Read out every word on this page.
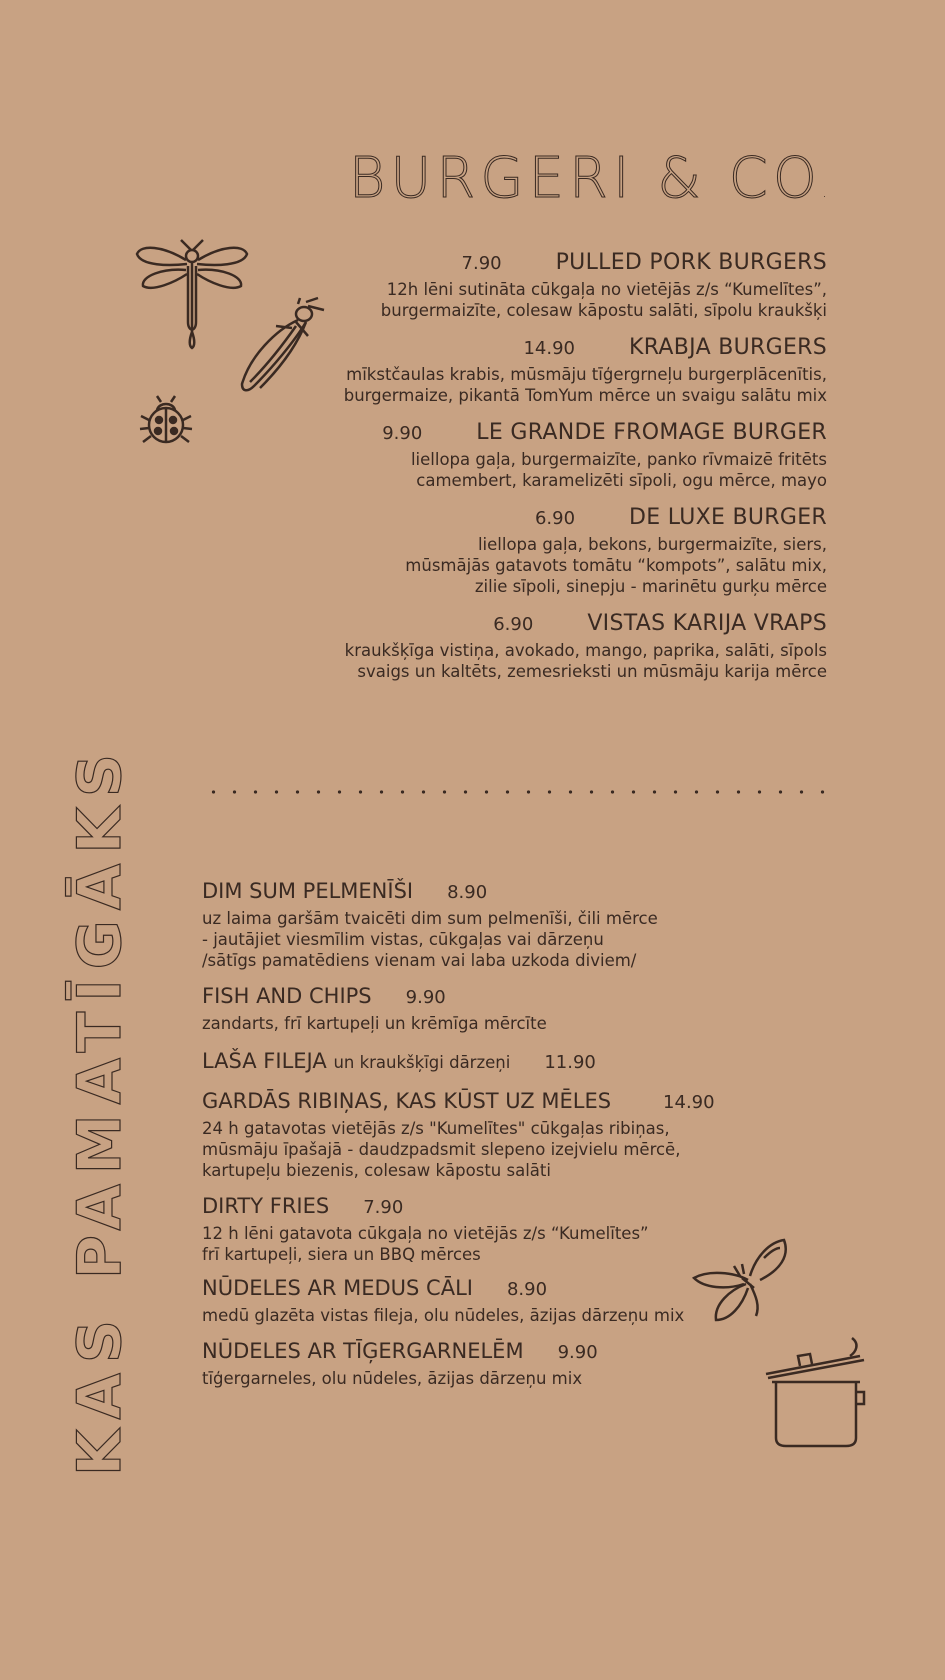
BURGERI & CO.
7.90 PULLED PORK BURGERS
12h lēni sutināta cūkgaļa no vietējās z/s “Kumelītes”,
burgermaizīte, colesaw kāpostu salāti, sīpolu kraukšķi
14.90 KRABJA BURGERS
mīkstčaulas krabis, mūsmāju tīģergrneļu burgerplācenītis,
burgermaize, pikantā TomYum mērce un svaigu salātu mix
9.90 LE GRANDE FROMAGE BURGER
liellopa gaļa, burgermaizīte, panko rīvmaizē fritēts
camembert, karamelizēti sīpoli, ogu mērce, mayo
6.90 DE LUXE BURGER
liellopa gaļa, bekons, burgermaizīte, siers,
mūsmājās gatavots tomātu “kompots”, salātu mix,
zilie sīpoli, sinepju - marinētu gurķu mērce
6.90 VISTAS KARIJA VRAPS
kraukšķīga vistiņa, avokado, mango, paprika, salāti, sīpols
svaigs un kaltēts, zemesrieksti un mūsmāju karija mērce
KAS PAMATĪGĀKS	DIM SUM PELMENĪŠI 8.90
uz laima garšām tvaicēti dim sum pelmenīši, čili mērce
- jautājiet viesmīlim vistas, cūkgaļas vai dārzeņu
/sātīgs pamatēdiens vienam vai laba uzkoda diviem/
FISH AND CHIPS 9.90
zandarts, frī kartupeļi un krēmīga mērcīte
LAŠA FILEJA un kraukšķīgi dārzeņi 11.90
GARDĀS RIBIŅAS, KAS KŪST UZ MĒLES	14.90
24 h gatavotas vietējās z/s "Kumelītes" cūkgaļas ribiņas,
mūsmāju īpašajā - daudzpadsmit slepeno izejvielu mērcē,
kartupeļu biezenis, colesaw kāpostu salāti
DIRTY FRIES 7.90
12 h lēni gatavota cūkgaļa no vietējās z/s “Kumelītes”
frī kartupeļi, siera un BBQ mērces
NŪDELES AR MEDUS CĀLI 8.90
medū glazēta vistas fileja, olu nūdeles, āzijas dārzeņu mix
NŪDELES AR TĪĢERGARNELĒM 9.90
tīģergarneles, olu nūdeles, āzijas dārzeņu mix
